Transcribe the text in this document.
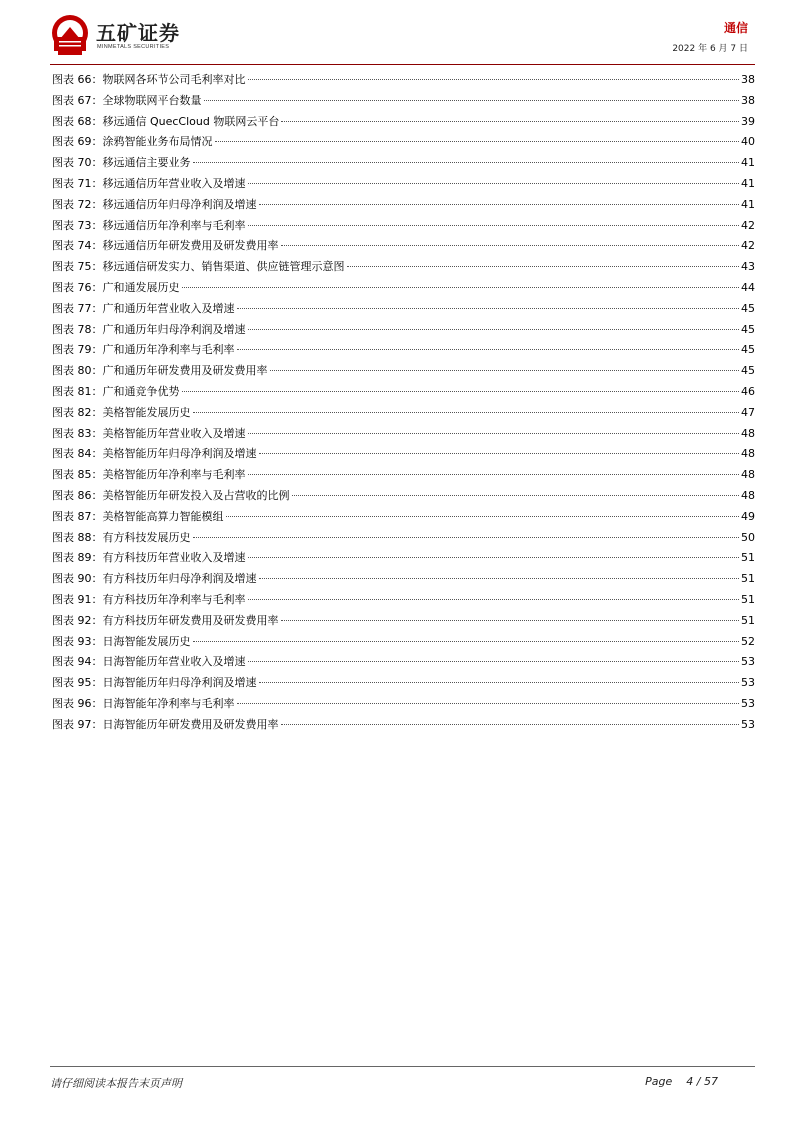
五矿证券
MINMETALS SECURITIES
通信
2022 年 6 月 7 日
图表 66：物联网各环节公司毛利率对比	38
图表 67：全球物联网平台数量	38
图表 68：移远通信 QuecCloud 物联网云平台	39
图表 69：涂鸦智能业务布局情况	40
图表 70：移远通信主要业务	41
图表 71：移远通信历年营业收入及增速	41
图表 72：移远通信历年归母净利润及增速	41
图表 73：移远通信历年净利率与毛利率	42
图表 74：移远通信历年研发费用及研发费用率	42
图表 75：移远通信研发实力、销售渠道、供应链管理示意图	43
图表 76：广和通发展历史	44
图表 77：广和通历年营业收入及增速	45
图表 78：广和通历年归母净利润及增速	45
图表 79：广和通历年净利率与毛利率	45
图表 80：广和通历年研发费用及研发费用率	45
图表 81：广和通竞争优势	46
图表 82：美格智能发展历史	47
图表 83：美格智能历年营业收入及增速	48
图表 84：美格智能历年归母净利润及增速	48
图表 85：美格智能历年净利率与毛利率	48
图表 86：美格智能历年研发投入及占营收的比例	48
图表 87：美格智能高算力智能模组	49
图表 88：有方科技发展历史	50
图表 89：有方科技历年营业收入及增速	51
图表 90：有方科技历年归母净利润及增速	51
图表 91：有方科技历年净利率与毛利率	51
图表 92：有方科技历年研发费用及研发费用率	51
图表 93：日海智能发展历史	52
图表 94：日海智能历年营业收入及增速	53
图表 95：日海智能历年归母净利润及增速	53
图表 96：日海智能年净利率与毛利率	53
图表 97：日海智能历年研发费用及研发费用率	53
请仔细阅读本报告末页声明	Page 4 / 57
